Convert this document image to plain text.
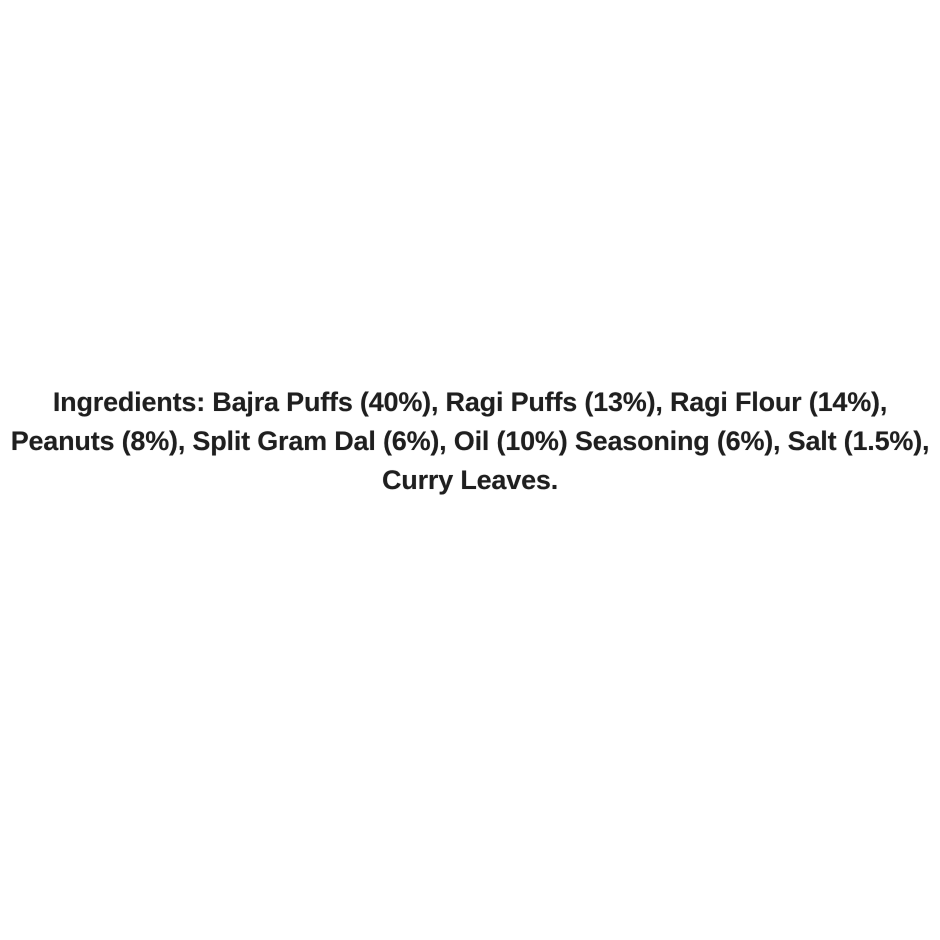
Ingredients: Bajra Puffs (40%), Ragi Puffs (13%), Ragi Flour (14%),
Peanuts (8%), Split Gram Dal (6%), Oil (10%) Seasoning (6%), Salt (1.5%),
Curry Leaves.
